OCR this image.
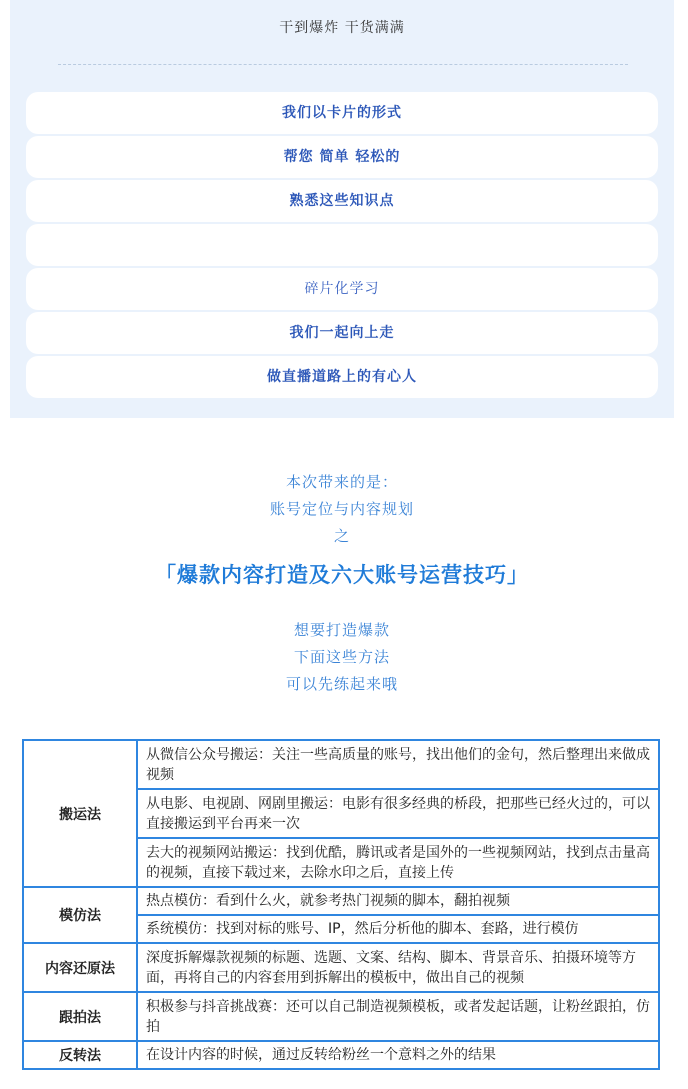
干到爆炸 干货满满
我们以卡片的形式
帮您 简单 轻松的
熟悉这些知识点
碎片化学习
我们一起向上走
做直播道路上的有心人
本次带来的是：
账号定位与内容规划
之
「爆款内容打造及六大账号运营技巧」
想要打造爆款
下面这些方法
可以先练起来哦
搬运法	从微信公众号搬运：关注一些高质量的账号，找出他们的金句，然后整理出来做成视频
	从电影、电视剧、网剧里搬运：电影有很多经典的桥段，把那些已经火过的，可以直接搬运到平台再来一次
	去大的视频网站搬运：找到优酷，腾讯或者是国外的一些视频网站，找到点击量高的视频，直接下载过来，去除水印之后，直接上传
模仿法	热点模仿：看到什么火，就参考热门视频的脚本，翻拍视频
	系统模仿：找到对标的账号、IP，然后分析他的脚本、套路，进行模仿
内容还原法	深度拆解爆款视频的标题、选题、文案、结构、脚本、背景音乐、拍摄环境等方面，再将自己的内容套用到拆解出的模板中，做出自己的视频
跟拍法	积极参与抖音挑战赛：还可以自己制造视频模板，或者发起话题，让粉丝跟拍，仿拍
反转法	在设计内容的时候，通过反转给粉丝一个意料之外的结果
